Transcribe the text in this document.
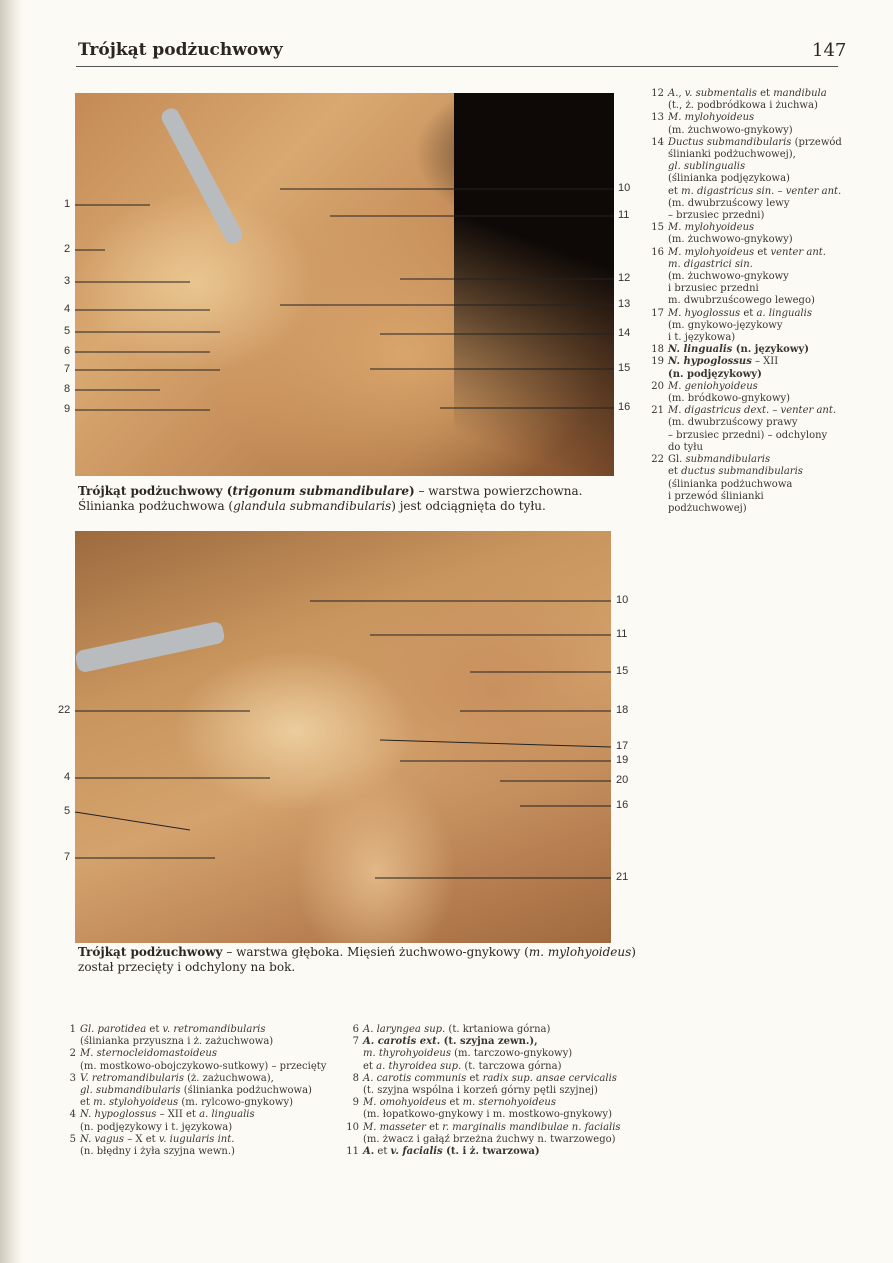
Trójkąt podżuchwowy	147
1
2
3
4
5
6
7
8
9
10
11
12
13
14
15
16
22
4
5
7
10
11
15
18
17
19
20
16
21
Trójkąt podżuchwowy (trigonum submandibulare) – warstwa powierzchowna.
Ślinianka podżuchwowa (glandula submandibularis) jest odciągnięta do tyłu.
Trójkąt podżuchwowy – warstwa głęboka. Mięsień żuchwowo-gnykowy (m. mylohyoideus)
został przecięty i odchylony na bok.
12 A., v. submentalis et mandibula
(t., ż. podbródkowa i żuchwa)
13 M. mylohyoideus
(m. żuchwowo-gnykowy)
14 Ductus submandibularis (przewód
ślinianki podżuchwowej),
gl. sublingualis
(ślinianka podjęzykowa)
et m. digastricus sin. – venter ant.
(m. dwubrzuścowy lewy
– brzusiec przedni)
15 M. mylohyoideus
(m. żuchwowo-gnykowy)
16 M. mylohyoideus et venter ant.
m. digastrici sin.
(m. żuchwowo-gnykowy
i brzusiec przedni
m. dwubrzuścowego lewego)
17 M. hyoglossus et a. lingualis
(m. gnykowo-językowy
i t. językowa)
18 N. lingualis (n. językowy)
19 N. hypoglossus – XII
(n. podjęzykowy)
20 M. geniohyoideus
(m. bródkowo-gnykowy)
21 M. digastricus dext. – venter ant.
(m. dwubrzuścowy prawy
– brzusiec przedni) – odchylony
do tyłu
22 Gl. submandibularis
et ductus submandibularis
(ślinianka podżuchwowa
i przewód ślinianki
podżuchwowej)
1 Gl. parotidea et v. retromandibularis
(ślinianka przyuszna i ż. zażuchwowa)
2 M. sternocleidomastoideus
(m. mostkowo-obojczykowo-sutkowy) – przecięty
3 V. retromandibularis (ż. zażuchwowa),
gl. submandibularis (ślinianka podżuchwowa)
et m. stylohyoideus (m. rylcowo-gnykowy)
4 N. hypoglossus – XII et a. lingualis
(n. podjęzykowy i t. językowa)
5 N. vagus – X et v. iugularis int.
(n. błędny i żyła szyjna wewn.)
6 A. laryngea sup. (t. krtaniowa górna)
7 A. carotis ext. (t. szyjna zewn.),
m. thyrohyoideus (m. tarczowo-gnykowy)
et a. thyroidea sup. (t. tarczowa górna)
8 A. carotis communis et radix sup. ansae cervicalis
(t. szyjna wspólna i korzeń górny pętli szyjnej)
9 M. omohyoideus et m. sternohyoideus
(m. łopatkowo-gnykowy i m. mostkowo-gnykowy)
10 M. masseter et r. marginalis mandibulae n. facialis
(m. żwacz i gałąź brzeżna żuchwy n. twarzowego)
11 A. et v. facialis (t. i ż. twarzowa)
